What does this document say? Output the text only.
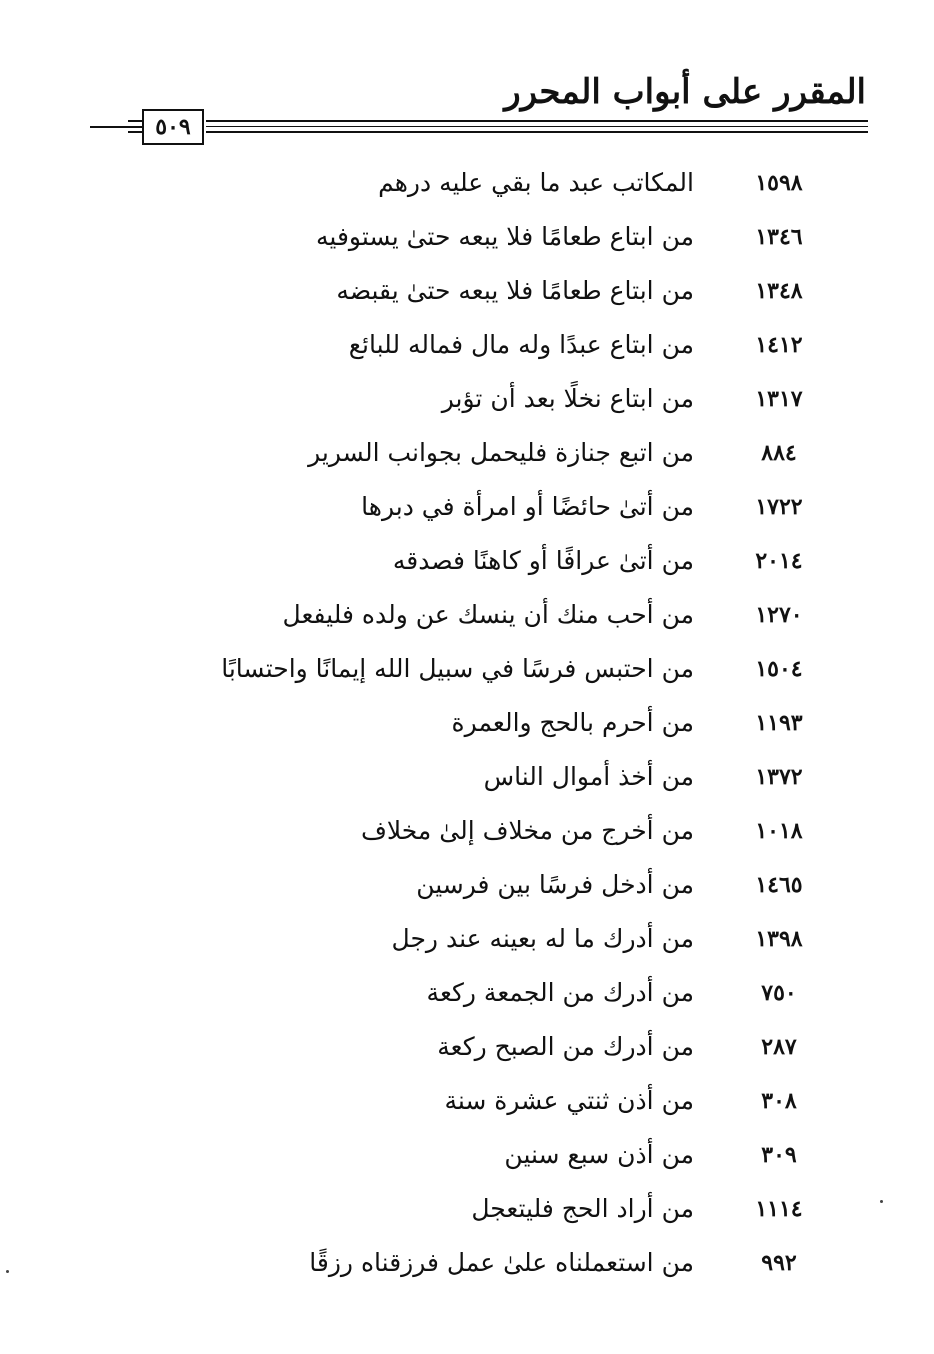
المقرر على أبواب المحرر
٥٠٩
١٥٩٨
المكاتب عبد ما بقي عليه درهم
١٣٤٦
من ابتاع طعامًا فلا يبعه حتىٰ يستوفيه
١٣٤٨
من ابتاع طعامًا فلا يبعه حتىٰ يقبضه
١٤١٢
من ابتاع عبدًا وله مال فماله للبائع
١٣١٧
من ابتاع نخلًا بعد أن تؤبر
٨٨٤
من اتبع جنازة فليحمل بجوانب السرير
١٧٢٢
من أتىٰ حائضًا أو امرأة في دبرها
٢٠١٤
من أتىٰ عرافًا أو كاهنًا فصدقه
١٢٧٠
من أحب منك أن ينسك عن ولده فليفعل
١٥٠٤
من احتبس فرسًا في سبيل الله إيمانًا واحتسابًا
١١٩٣
من أحرم بالحج والعمرة
١٣٧٢
من أخذ أموال الناس
١٠١٨
من أخرج من مخلاف إلىٰ مخلاف
١٤٦٥
من أدخل فرسًا بين فرسين
١٣٩٨
من أدرك ما له بعينه عند رجل
٧٥٠
من أدرك من الجمعة ركعة
٢٨٧
من أدرك من الصبح ركعة
٣٠٨
من أذن ثنتي عشرة سنة
٣٠٩
من أذن سبع سنين
١١١٤
من أراد الحج فليتعجل
٩٩٢
من استعملناه علىٰ عمل فرزقناه رزقًا
